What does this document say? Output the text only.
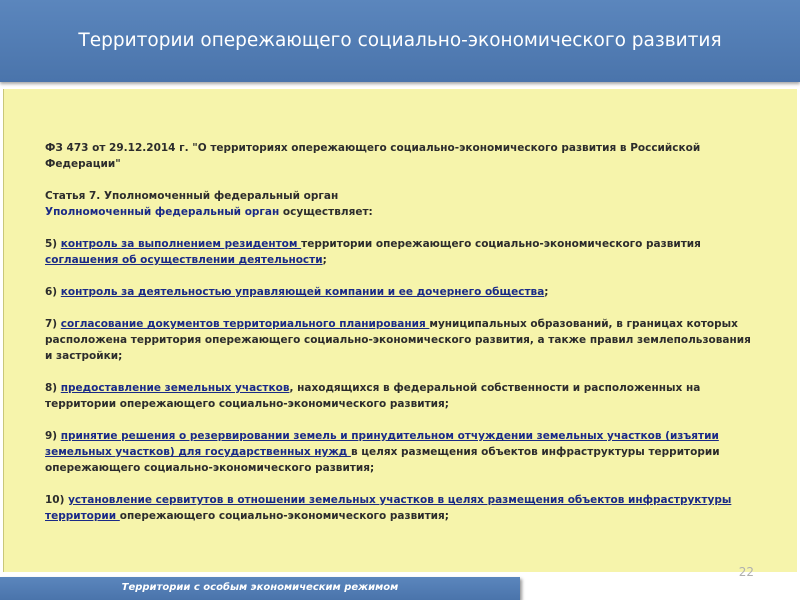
Территории опережающего социально-экономического развития

ФЗ 473 от 29.12.2014 г. "О территориях опережающего социально-экономического развития в Российской Федерации"

Статья 7. Уполномоченный федеральный орган

Уполномоченный федеральный орган осуществляет:

5) контроль за выполнением резидентом территории опережающего социально-экономического развития соглашения об осуществлении деятельности;

6) контроль за деятельностью управляющей компании и ее дочернего общества;

7) согласование документов территориального планирования муниципальных образований, в границах которых расположена территория опережающего социально-экономического развития, а также правил землепользования и застройки;

8) предоставление земельных участков, находящихся в федеральной собственности и расположенных на территории опережающего социально-экономического развития;

9) принятие решения о резервировании земель и принудительном отчуждении земельных участков (изъятии земельных участков) для государственных нужд в целях размещения объектов инфраструктуры территории опережающего социально-экономического развития;

10) установление сервитутов в отношении земельных участков в целях размещения объектов инфраструктуры территории опережающего социально-экономического развития;

22
Территории с особым экономическим режимом
